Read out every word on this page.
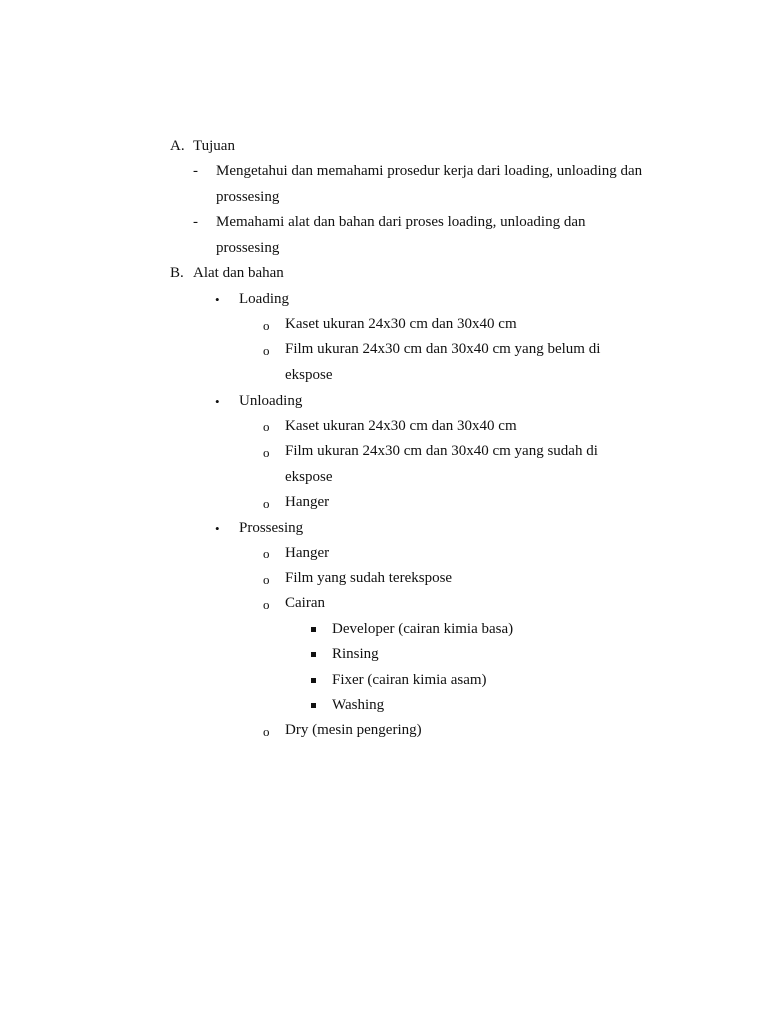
A. Tujuan
- Mengetahui dan memahami prosedur kerja dari loading, unloading dan
prossesing
- Memahami alat dan bahan dari proses loading, unloading dan
prossesing
B. Alat dan bahan
• Loading
o Kaset ukuran 24x30 cm dan 30x40 cm
o Film ukuran 24x30 cm dan 30x40 cm yang belum di
ekspose
• Unloading
o Kaset ukuran 24x30 cm dan 30x40 cm
o Film ukuran 24x30 cm dan 30x40 cm yang sudah di
ekspose
o Hanger
• Prossesing
o Hanger
o Film yang sudah terekspose
o Cairan
Developer (cairan kimia basa)
Rinsing
Fixer (cairan kimia asam)
Washing
o Dry (mesin pengering)
